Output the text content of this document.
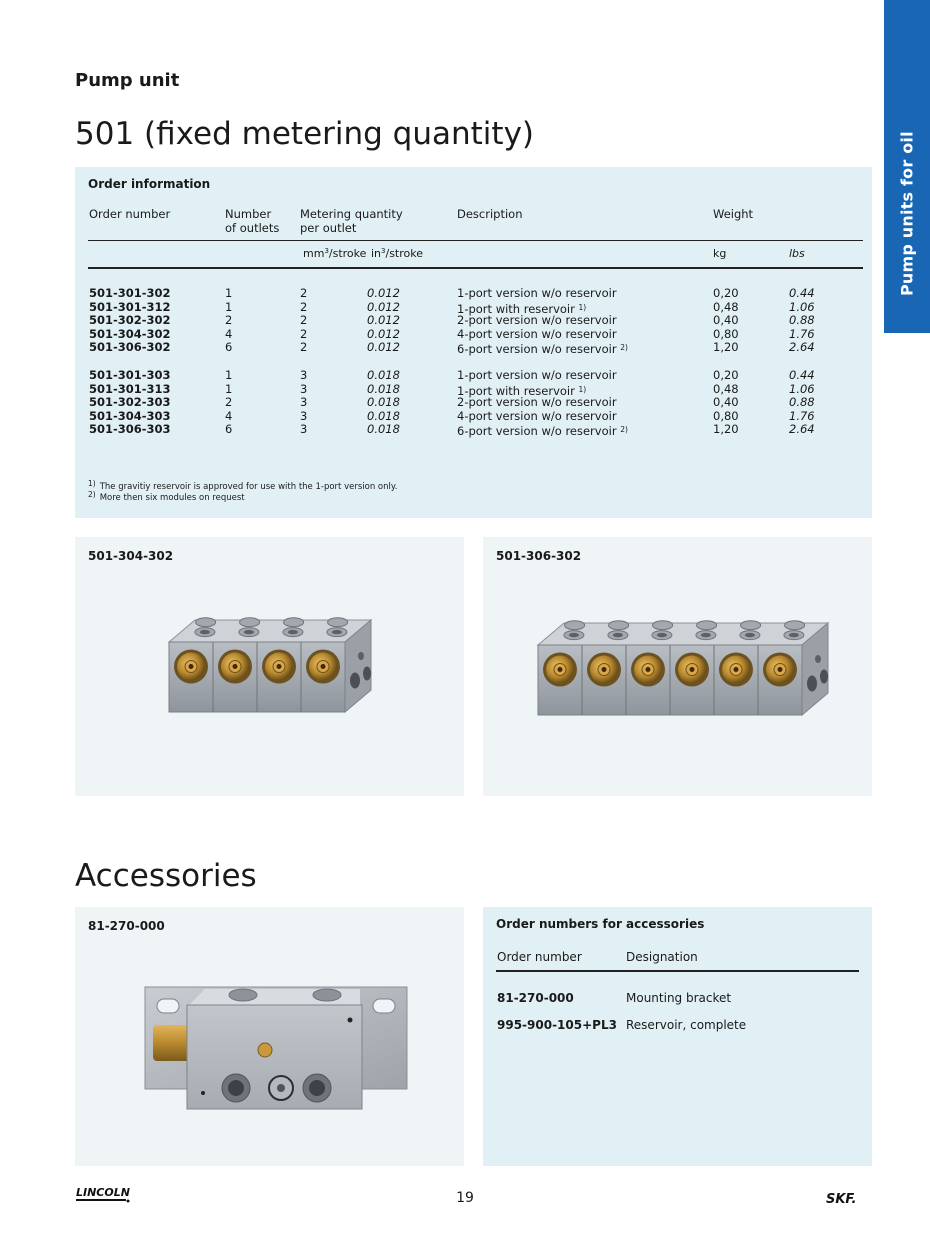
Pump units for oil
Pump unit
501 (fixed metering quantity)
Order information
Order number	Number
of outlets
Metering quantity
per outlet
Description	Weight
$mm^3$/stroke $in^3$/stroke	kg	lbs
501-301-302	1	2	0.012	1-port version w/o reservoir	0,20	0.44
501-301-312	1	2	0.012	1-port with reservoir $^{1)}$	0,48	1.06
501-302-302	2	2	0.012	2-port version w/o reservoir	0,40	0.88
501-304-302	4	2	0.012	4-port version w/o reservoir	0,80	1.76
501-306-302	6	2	0.012	6-port version w/o reservoir $^{2)}$	1,20	2.64
501-301-303	1	3	0.018	1-port version w/o reservoir	0,20	0.44
501-301-313	1	3	0.018	1-port with reservoir $^{1)}$	0,48	1.06
501-302-303	2	3	0.018	2-port version w/o reservoir	0,40	0.88
501-304-303	4	3	0.018	4-port version w/o reservoir	0,80	1.76
501-306-303	6	3	0.018	6-port version w/o reservoir $^{2)}$	1,20	2.64
$^{1)}$ The gravitiy reservoir is approved for use with the 1-port version only.
$^{2)}$ More then six modules on request
501-304-302	501-306-302
Accessories
81-270-000	Order numbers for accessories
Order number	Designation
81-270-000	Mounting bracket
995-900-105+PL3 Reservoir, complete
LINCOLN	19	SKF.
